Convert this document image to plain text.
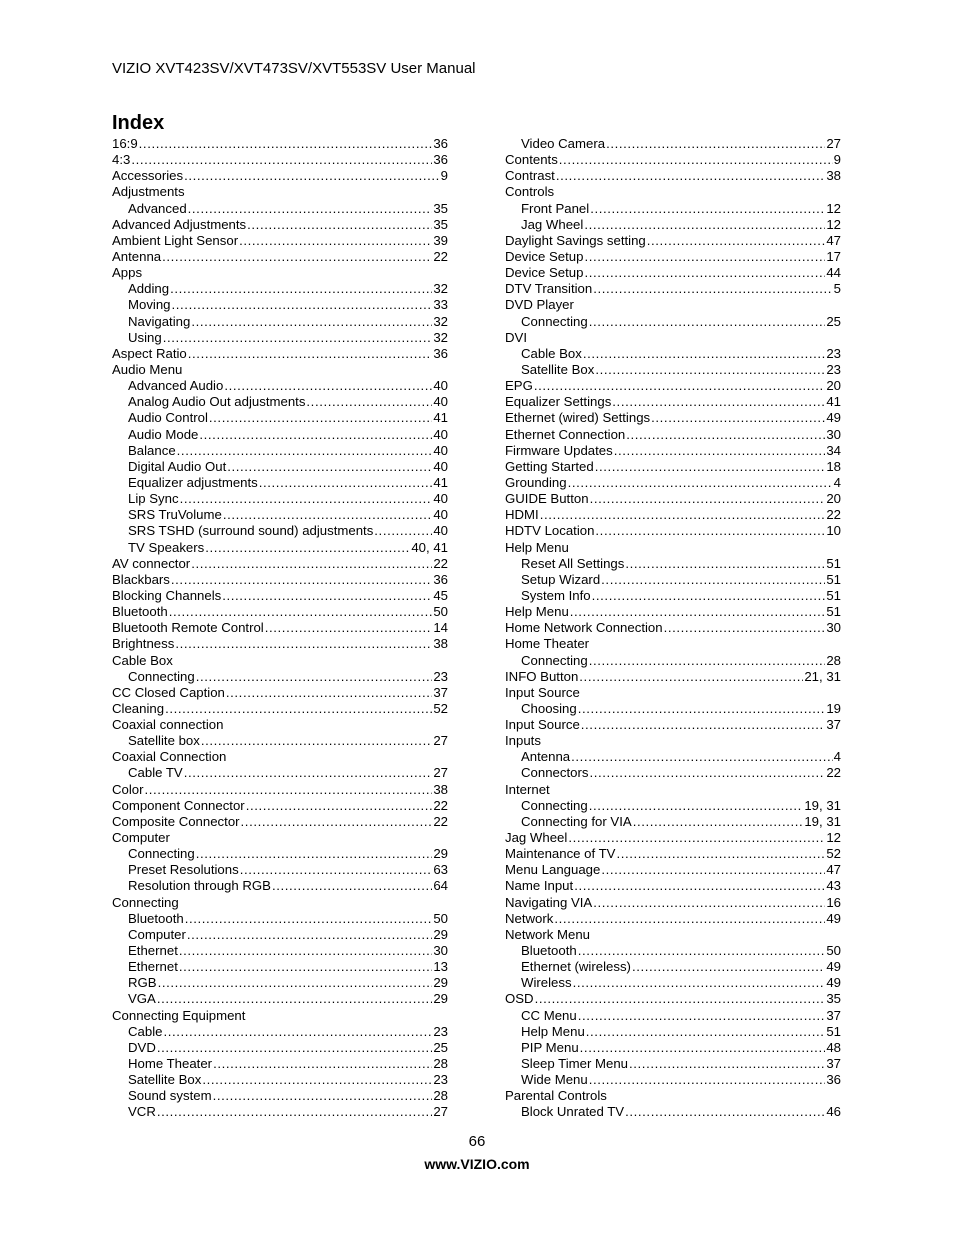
VIZIO XVT423SV/XVT473SV/XVT553SV User Manual
Index
16:9 .....	36
4:3 .....	36
Accessories .....	9
Adjustments
Advanced .....	35
Advanced Adjustments .....	35
Ambient Light Sensor .....	39
Antenna .....	22
Apps
Adding .....	32
Moving .....	33
Navigating .....	32
Using .....	32
Aspect Ratio .....	36
Audio Menu
Advanced Audio .....	40
Analog Audio Out adjustments .....	40
Audio Control .....	41
Audio Mode .....	40
Balance .....	40
Digital Audio Out .....	40
Equalizer adjustments .....	41
Lip Sync .....	40
SRS TruVolume .....	40
SRS TSHD (surround sound) adjustments .....	40
TV Speakers .....	40, 41
AV connector .....	22
Blackbars .....	36
Blocking Channels .....	45
Bluetooth .....	50
Bluetooth Remote Control .....	14
Brightness .....	38
Cable Box
Connecting .....	23
CC Closed Caption .....	37
Cleaning .....	52
Coaxial connection
Satellite box .....	27
Coaxial Connection
Cable TV .....	27
Color .....	38
Component Connector .....	22
Composite Connector .....	22
Computer
Connecting .....	29
Preset Resolutions .....	63
Resolution through RGB .....	64
Connecting
Bluetooth .....	50
Computer .....	29
Ethernet .....	30
Ethernet .....	13
RGB .....	29
VGA .....	29
Connecting Equipment
Cable .....	23
DVD .....	25
Home Theater .....	28
Satellite Box .....	23
Sound system .....	28
VCR .....	27
Video Camera .....	27
Contents .....	9
Contrast .....	38
Controls
Front Panel .....	12
Jag Wheel .....	12
Daylight Savings setting .....	47
Device Setup .....	17
Device Setup .....	44
DTV Transition .....	5
DVD Player
Connecting .....	25
DVI
Cable Box .....	23
Satellite Box .....	23
EPG .....	20
Equalizer Settings .....	41
Ethernet (wired) Settings .....	49
Ethernet Connection .....	30
Firmware Updates .....	34
Getting Started .....	18
Grounding .....	4
GUIDE Button .....	20
HDMI .....	22
HDTV Location .....	10
Help Menu
Reset All Settings .....	51
Setup Wizard .....	51
System Info .....	51
Help Menu .....	51
Home Network Connection .....	30
Home Theater
Connecting .....	28
INFO Button .....	21, 31
Input Source
Choosing .....	19
Input Source .....	37
Inputs
Antenna .....	4
Connectors .....	22
Internet
Connecting .....	19, 31
Connecting for VIA .....	19, 31
Jag Wheel .....	12
Maintenance of TV .....	52
Menu Language .....	47
Name Input .....	43
Navigating VIA .....	16
Network .....	49
Network Menu
Bluetooth .....	50
Ethernet (wireless) .....	49
Wireless .....	49
OSD .....	35
CC Menu .....	37
Help Menu .....	51
PIP Menu .....	48
Sleep Timer Menu .....	37
Wide Menu .....	36
Parental Controls
Block Unrated TV .....	46
66
www.VIZIO.com
